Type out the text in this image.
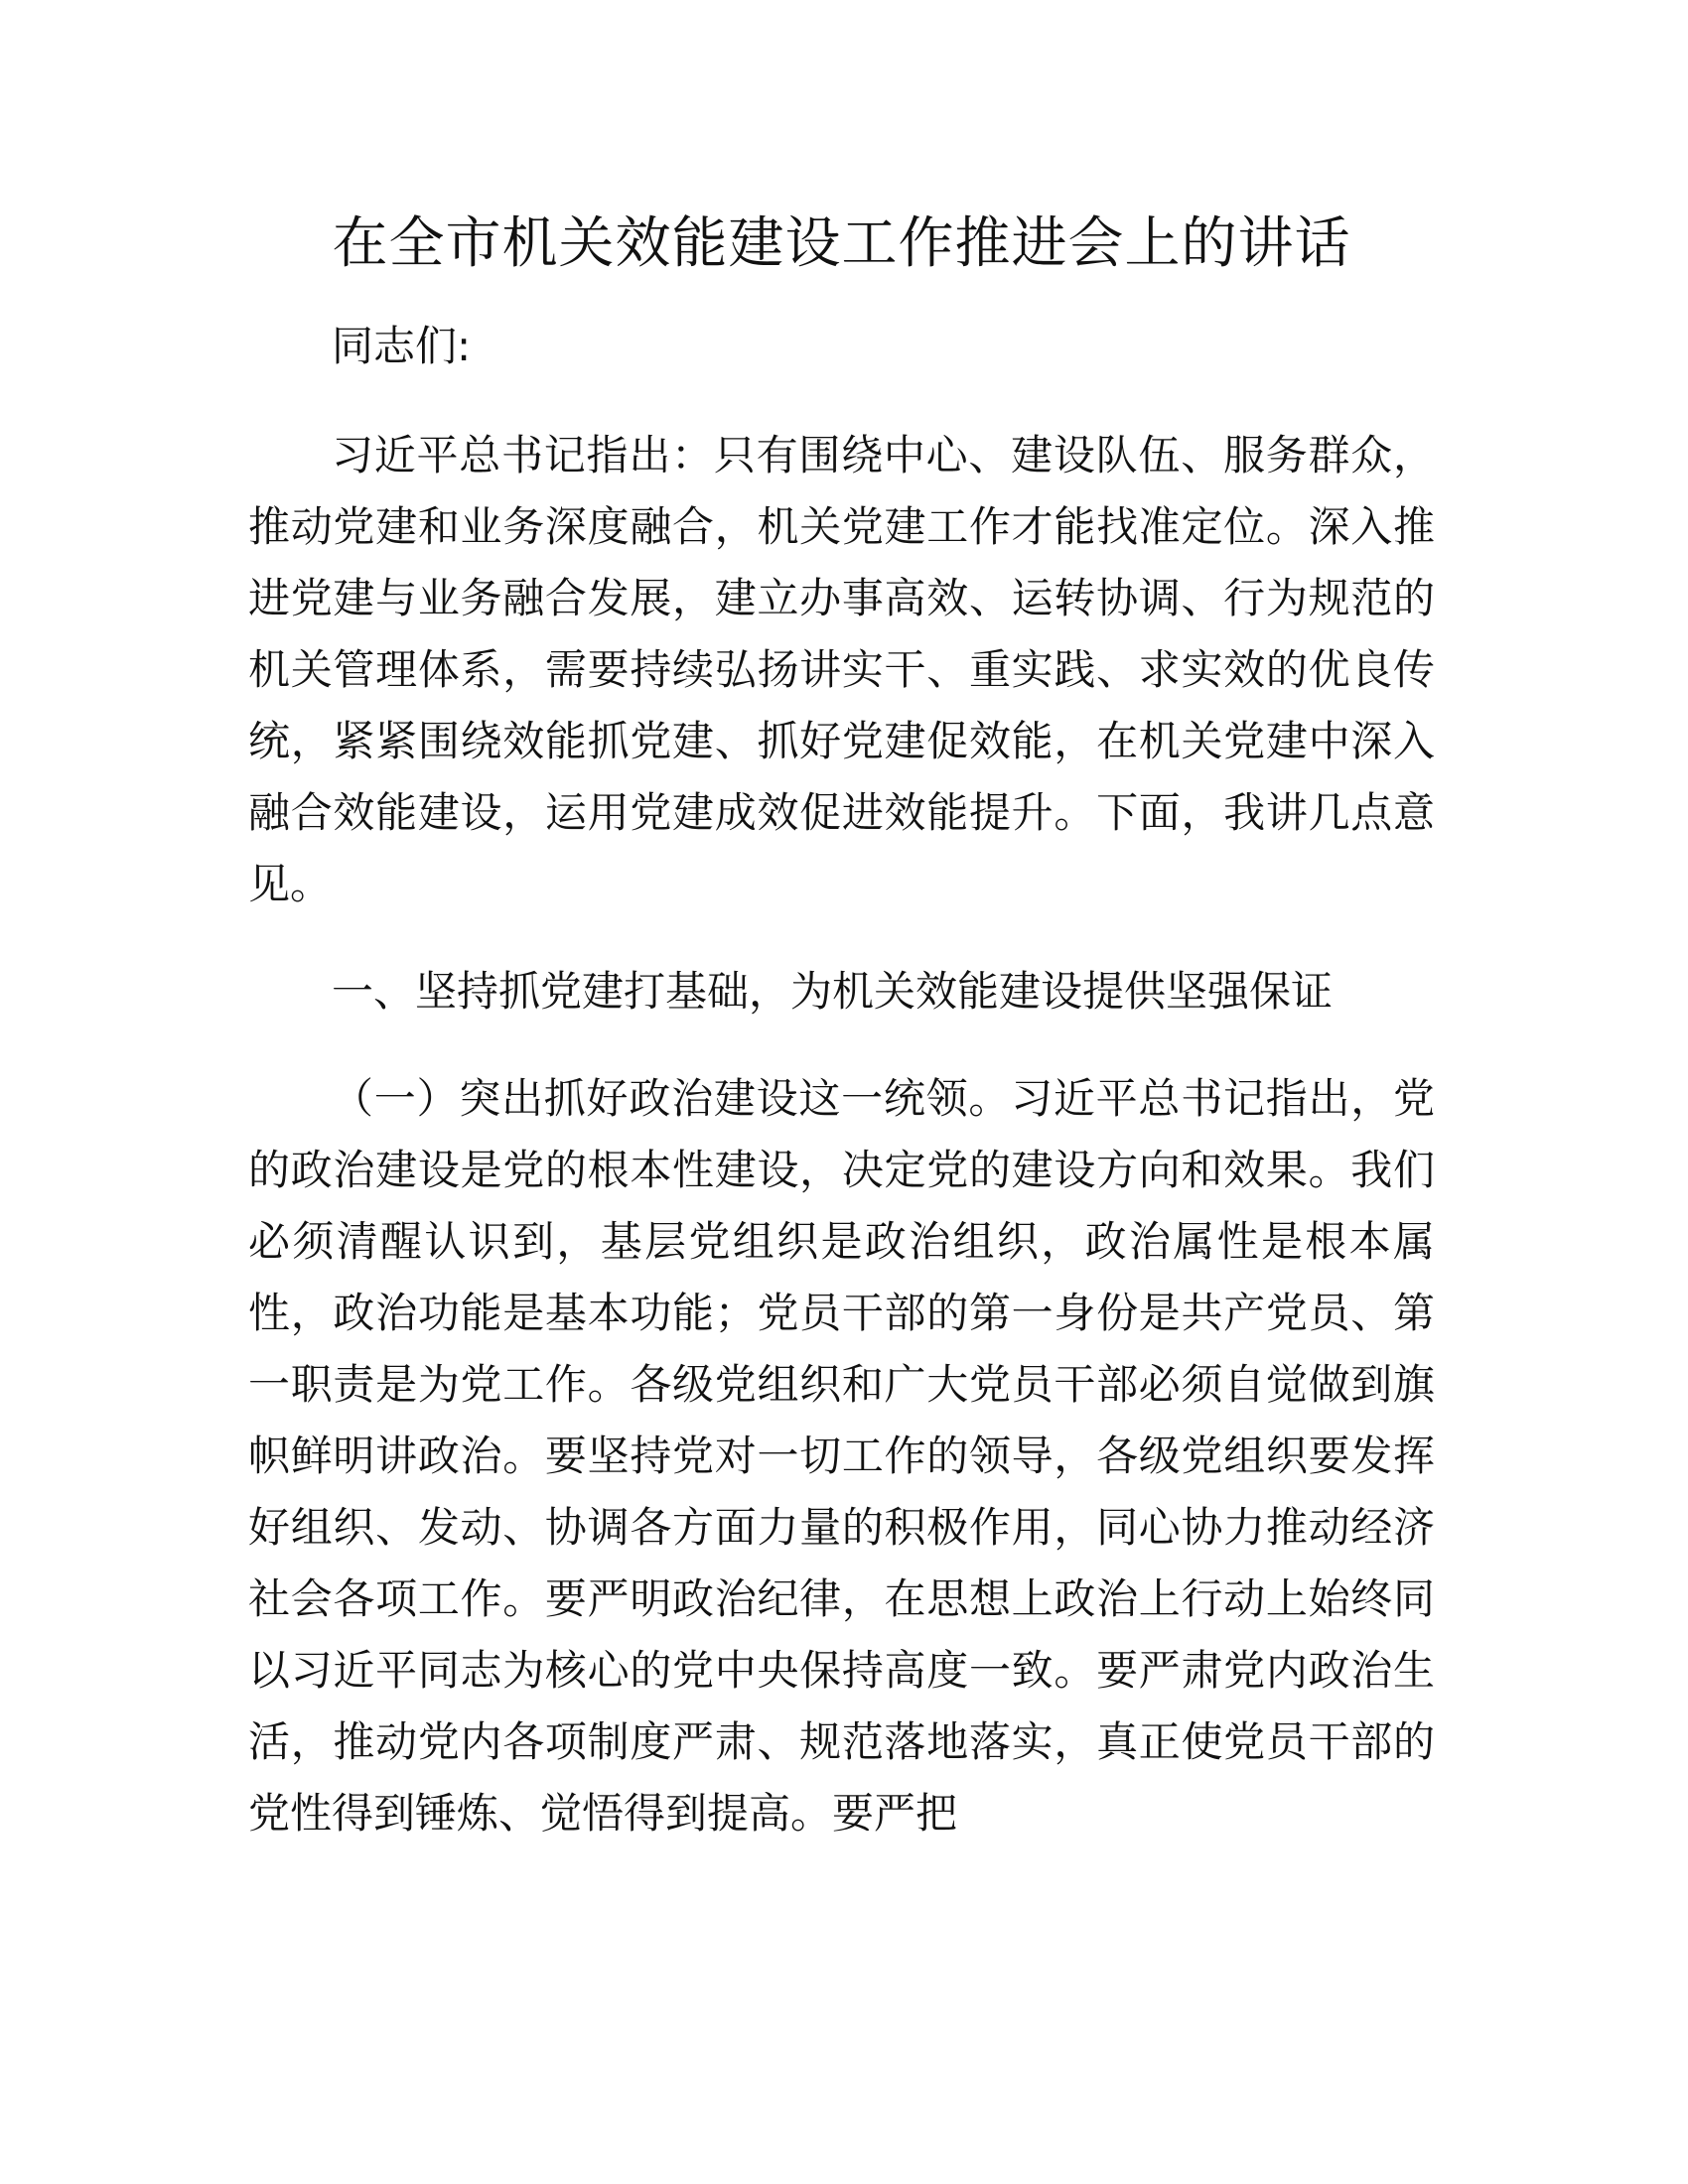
在全市机关效能建设工作推进会上的讲话

同志们:

习近平总书记指出：只有围绕中心、建设队伍、服务群众，推动党建和业务深度融合，机关党建工作才能找准定位。深入推进党建与业务融合发展，建立办事高效、运转协调、行为规范的机关管理体系，需要持续弘扬讲实干、重实践、求实效的优良传统，紧紧围绕效能抓党建、抓好党建促效能，在机关党建中深入融合效能建设，运用党建成效促进效能提升。下面，我讲几点意见。

一、坚持抓党建打基础，为机关效能建设提供坚强保证

（一）突出抓好政治建设这一统领。习近平总书记指出，党的政治建设是党的根本性建设，决定党的建设方向和效果。我们必须清醒认识到，基层党组织是政治组织，政治属性是根本属性，政治功能是基本功能；党员干部的第一身份是共产党员、第一职责是为党工作。各级党组织和广大党员干部必须自觉做到旗帜鲜明讲政治。要坚持党对一切工作的领导，各级党组织要发挥好组织、发动、协调各方面力量的积极作用，同心协力推动经济社会各项工作。要严明政治纪律，在思想上政治上行动上始终同以习近平同志为核心的党中央保持高度一致。要严肃党内政治生活，推动党内各项制度严肃、规范落地落实，真正使党员干部的党性得到锤炼、觉悟得到提高。要严把
